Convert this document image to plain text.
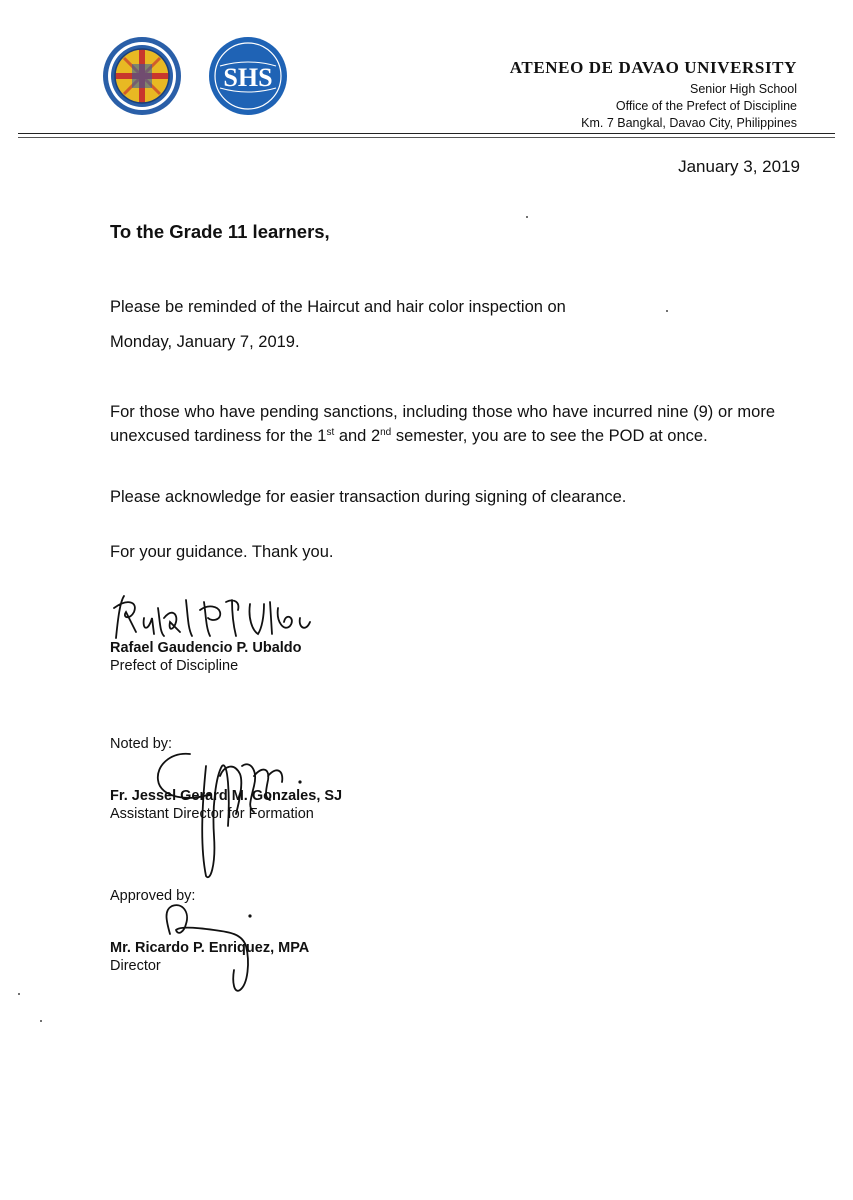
SHS	ATENEO DE DAVAO UNIVERSITY
Senior High School
Office of the Prefect of Discipline
Km. 7 Bangkal, Davao City, Philippines
January 3, 2019
To the Grade 11 learners,
Please be reminded of the Haircut and hair color inspection on
Monday, January 7, 2019.
For those who have pending sanctions, including those who have incurred nine (9) or more unexcused tardiness for the 1st and 2nd semester, you are to see the POD at once.
Please acknowledge for easier transaction during signing of clearance.
For your guidance. Thank you.
Rafael Gaudencio P. Ubaldo
Prefect of Discipline
Noted by:
Fr. Jessel Gerard M. Gonzales, SJ
Assistant Director for Formation
Approved by:
Mr. Ricardo P. Enriquez, MPA
Director
